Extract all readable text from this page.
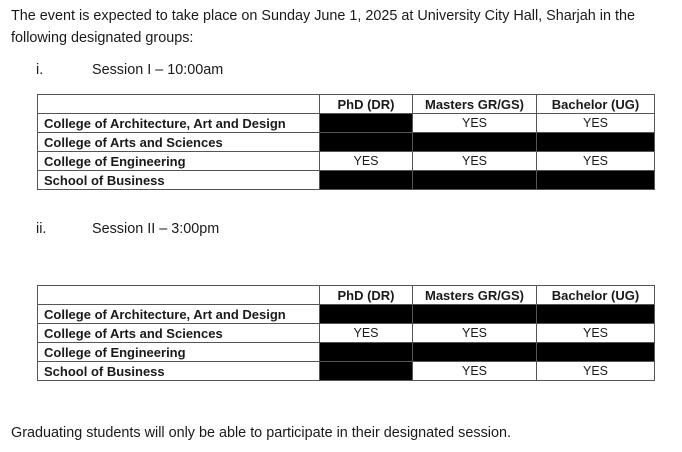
The event is expected to take place on Sunday June 1, 2025 at University City Hall, Sharjah in the following designated groups:

i.	Session I – 10:00am
	PhD (DR)	Masters GR/GS)	Bachelor (UG)
College of Architecture, Art and Design		YES	YES
College of Arts and Sciences			
College of Engineering	YES	YES	YES
School of Business			
ii.	Session II – 3:00pm
	PhD (DR)	Masters GR/GS)	Bachelor (UG)
College of Architecture, Art and Design			
College of Arts and Sciences	YES	YES	YES
College of Engineering			
School of Business		YES	YES

Graduating students will only be able to participate in their designated session.
